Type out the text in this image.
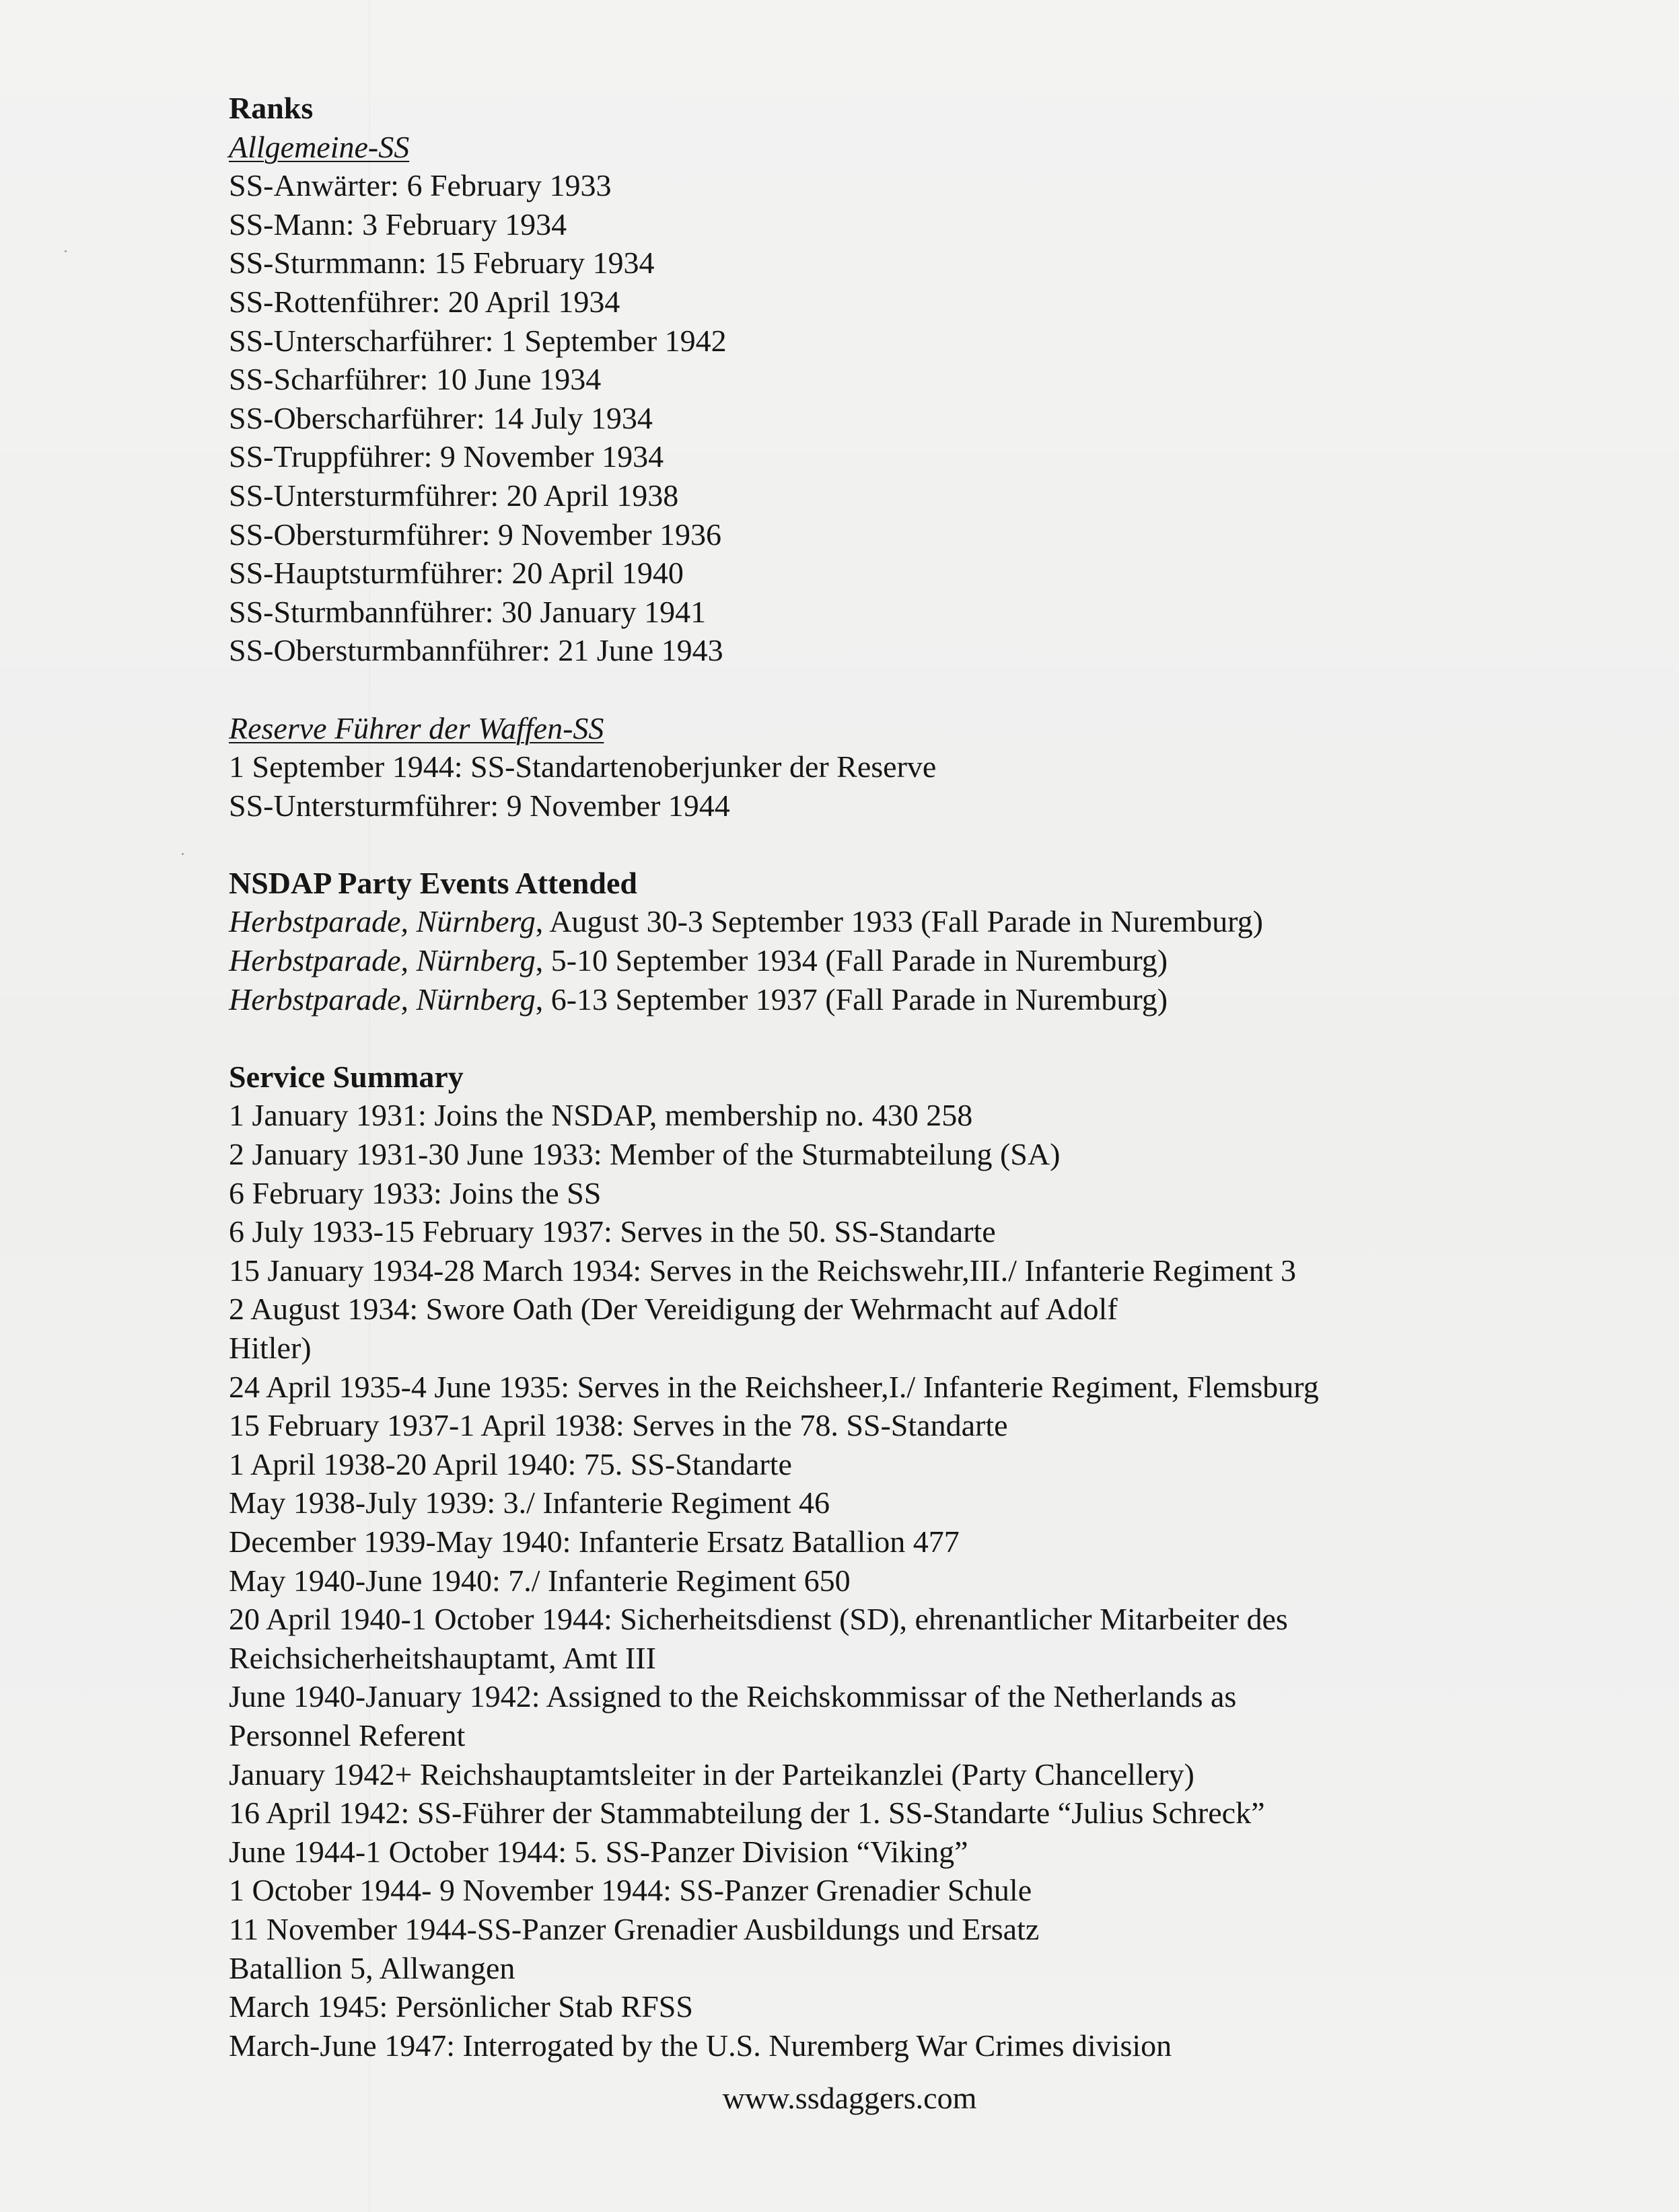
Ranks
Allgemeine-SS
SS-Anwärter: 6 February 1933
SS-Mann: 3 February 1934
SS-Sturmmann: 15 February 1934
SS-Rottenführer: 20 April 1934
SS-Unterscharführer: 1 September 1942
SS-Scharführer: 10 June 1934
SS-Oberscharführer: 14 July 1934
SS-Truppführer: 9 November 1934
SS-Untersturmführer: 20 April 1938
SS-Obersturmführer: 9 November 1936
SS-Hauptsturmführer: 20 April 1940
SS-Sturmbannführer: 30 January 1941
SS-Obersturmbannführer: 21 June 1943
Reserve Führer der Waffen-SS
1 September 1944: SS-Standartenoberjunker der Reserve
SS-Untersturmführer: 9 November 1944
NSDAP Party Events Attended
Herbstparade, Nürnberg, August 30-3 September 1933 (Fall Parade in Nuremburg)
Herbstparade, Nürnberg, 5-10 September 1934 (Fall Parade in Nuremburg)
Herbstparade, Nürnberg, 6-13 September 1937 (Fall Parade in Nuremburg)
Service Summary
1 January 1931: Joins the NSDAP, membership no. 430 258
2 January 1931-30 June 1933: Member of the Sturmabteilung (SA)
6 February 1933: Joins the SS
6 July 1933-15 February 1937: Serves in the 50. SS-Standarte
15 January 1934-28 March 1934: Serves in the Reichswehr,III./ Infanterie Regiment 3
2 August 1934: Swore Oath (Der Vereidigung der Wehrmacht auf Adolf
Hitler)
24 April 1935-4 June 1935: Serves in the Reichsheer,I./ Infanterie Regiment, Flemsburg
15 February 1937-1 April 1938: Serves in the 78. SS-Standarte
1 April 1938-20 April 1940: 75. SS-Standarte
May 1938-July 1939: 3./ Infanterie Regiment 46
December 1939-May 1940: Infanterie Ersatz Batallion 477
May 1940-June 1940: 7./ Infanterie Regiment 650
20 April 1940-1 October 1944: Sicherheitsdienst (SD), ehrenantlicher Mitarbeiter des
Reichsicherheitshauptamt, Amt III
June 1940-January 1942: Assigned to the Reichskommissar of the Netherlands as
Personnel Referent
January 1942+ Reichshauptamtsleiter in der Parteikanzlei (Party Chancellery)
16 April 1942: SS-Führer der Stammabteilung der 1. SS-Standarte “Julius Schreck”
June 1944-1 October 1944: 5. SS-Panzer Division “Viking”
1 October 1944- 9 November 1944: SS-Panzer Grenadier Schule
11 November 1944-SS-Panzer Grenadier Ausbildungs und Ersatz
Batallion 5, Allwangen
March 1945: Persönlicher Stab RFSS
March-June 1947: Interrogated by the U.S. Nuremberg War Crimes division
www.ssdaggers.com
